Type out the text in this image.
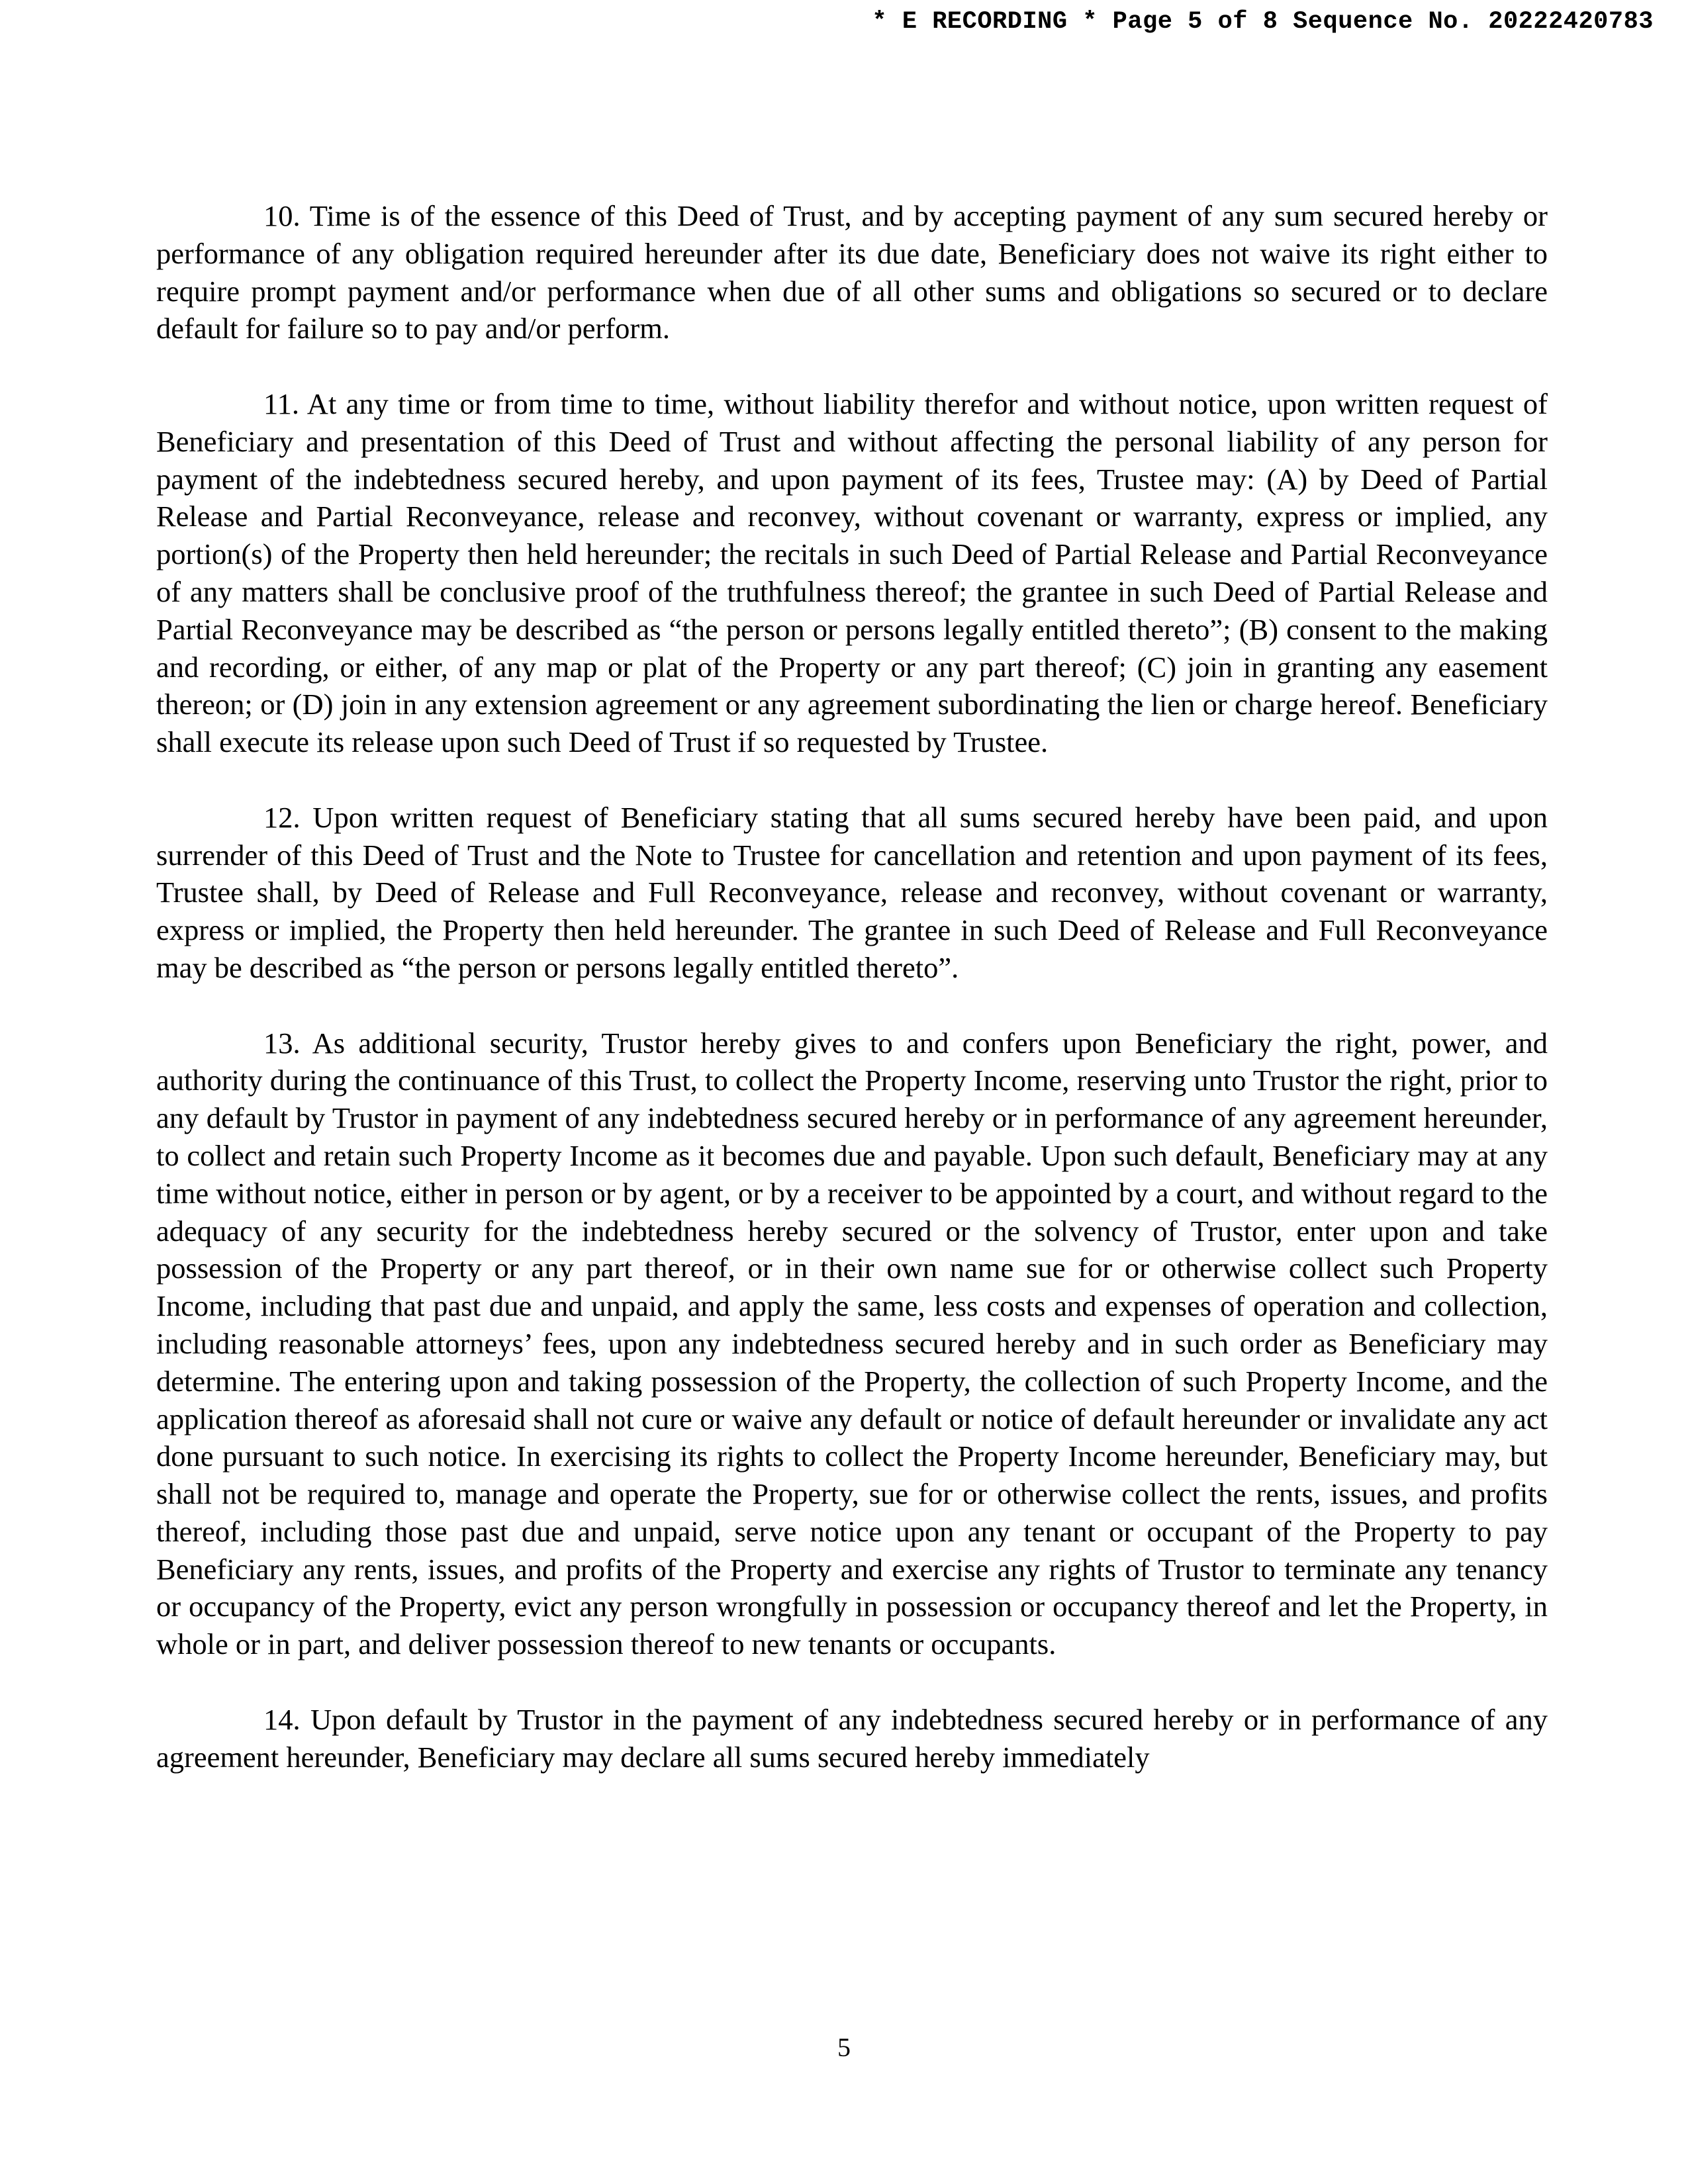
* E RECORDING * Page 5 of 8 Sequence No. 20222420783

10. Time is of the essence of this Deed of Trust, and by accepting payment of any sum secured hereby or performance of any obligation required hereunder after its due date, Beneficiary does not waive its right either to require prompt payment and/or performance when due of all other sums and obligations so secured or to declare default for failure so to pay and/or perform.

11. At any time or from time to time, without liability therefor and without notice, upon written request of Beneficiary and presentation of this Deed of Trust and without affecting the personal liability of any person for payment of the indebtedness secured hereby, and upon payment of its fees, Trustee may: (A) by Deed of Partial Release and Partial Reconveyance, release and reconvey, without covenant or warranty, express or implied, any portion(s) of the Property then held hereunder; the recitals in such Deed of Partial Release and Partial Reconveyance of any matters shall be conclusive proof of the truthfulness thereof; the grantee in such Deed of Partial Release and Partial Reconveyance may be described as “the person or persons legally entitled thereto”; (B) consent to the making and recording, or either, of any map or plat of the Property or any part thereof; (C) join in granting any easement thereon; or (D) join in any extension agreement or any agreement subordinating the lien or charge hereof. Beneficiary shall execute its release upon such Deed of Trust if so requested by Trustee.

12. Upon written request of Beneficiary stating that all sums secured hereby have been paid, and upon surrender of this Deed of Trust and the Note to Trustee for cancellation and retention and upon payment of its fees, Trustee shall, by Deed of Release and Full Reconveyance, release and reconvey, without covenant or warranty, express or implied, the Property then held hereunder. The grantee in such Deed of Release and Full Reconveyance may be described as “the person or persons legally entitled thereto”.

13. As additional security, Trustor hereby gives to and confers upon Beneficiary the right, power, and authority during the continuance of this Trust, to collect the Property Income, reserving unto Trustor the right, prior to any default by Trustor in payment of any indebtedness secured hereby or in performance of any agreement hereunder, to collect and retain such Property Income as it becomes due and payable. Upon such default, Beneficiary may at any time without notice, either in person or by agent, or by a receiver to be appointed by a court, and without regard to the adequacy of any security for the indebtedness hereby secured or the solvency of Trustor, enter upon and take possession of the Property or any part thereof, or in their own name sue for or otherwise collect such Property Income, including that past due and unpaid, and apply the same, less costs and expenses of operation and collection, including reasonable attorneys’ fees, upon any indebtedness secured hereby and in such order as Beneficiary may determine. The entering upon and taking possession of the Property, the collection of such Property Income, and the application thereof as aforesaid shall not cure or waive any default or notice of default hereunder or invalidate any act done pursuant to such notice. In exercising its rights to collect the Property Income hereunder, Beneficiary may, but shall not be required to, manage and operate the Property, sue for or otherwise collect the rents, issues, and profits thereof, including those past due and unpaid, serve notice upon any tenant or occupant of the Property to pay Beneficiary any rents, issues, and profits of the Property and exercise any rights of Trustor to terminate any tenancy or occupancy of the Property, evict any person wrongfully in possession or occupancy thereof and let the Property, in whole or in part, and deliver possession thereof to new tenants or occupants.

14. Upon default by Trustor in the payment of any indebtedness secured hereby or in performance of any agreement hereunder, Beneficiary may declare all sums secured hereby immediately

5
